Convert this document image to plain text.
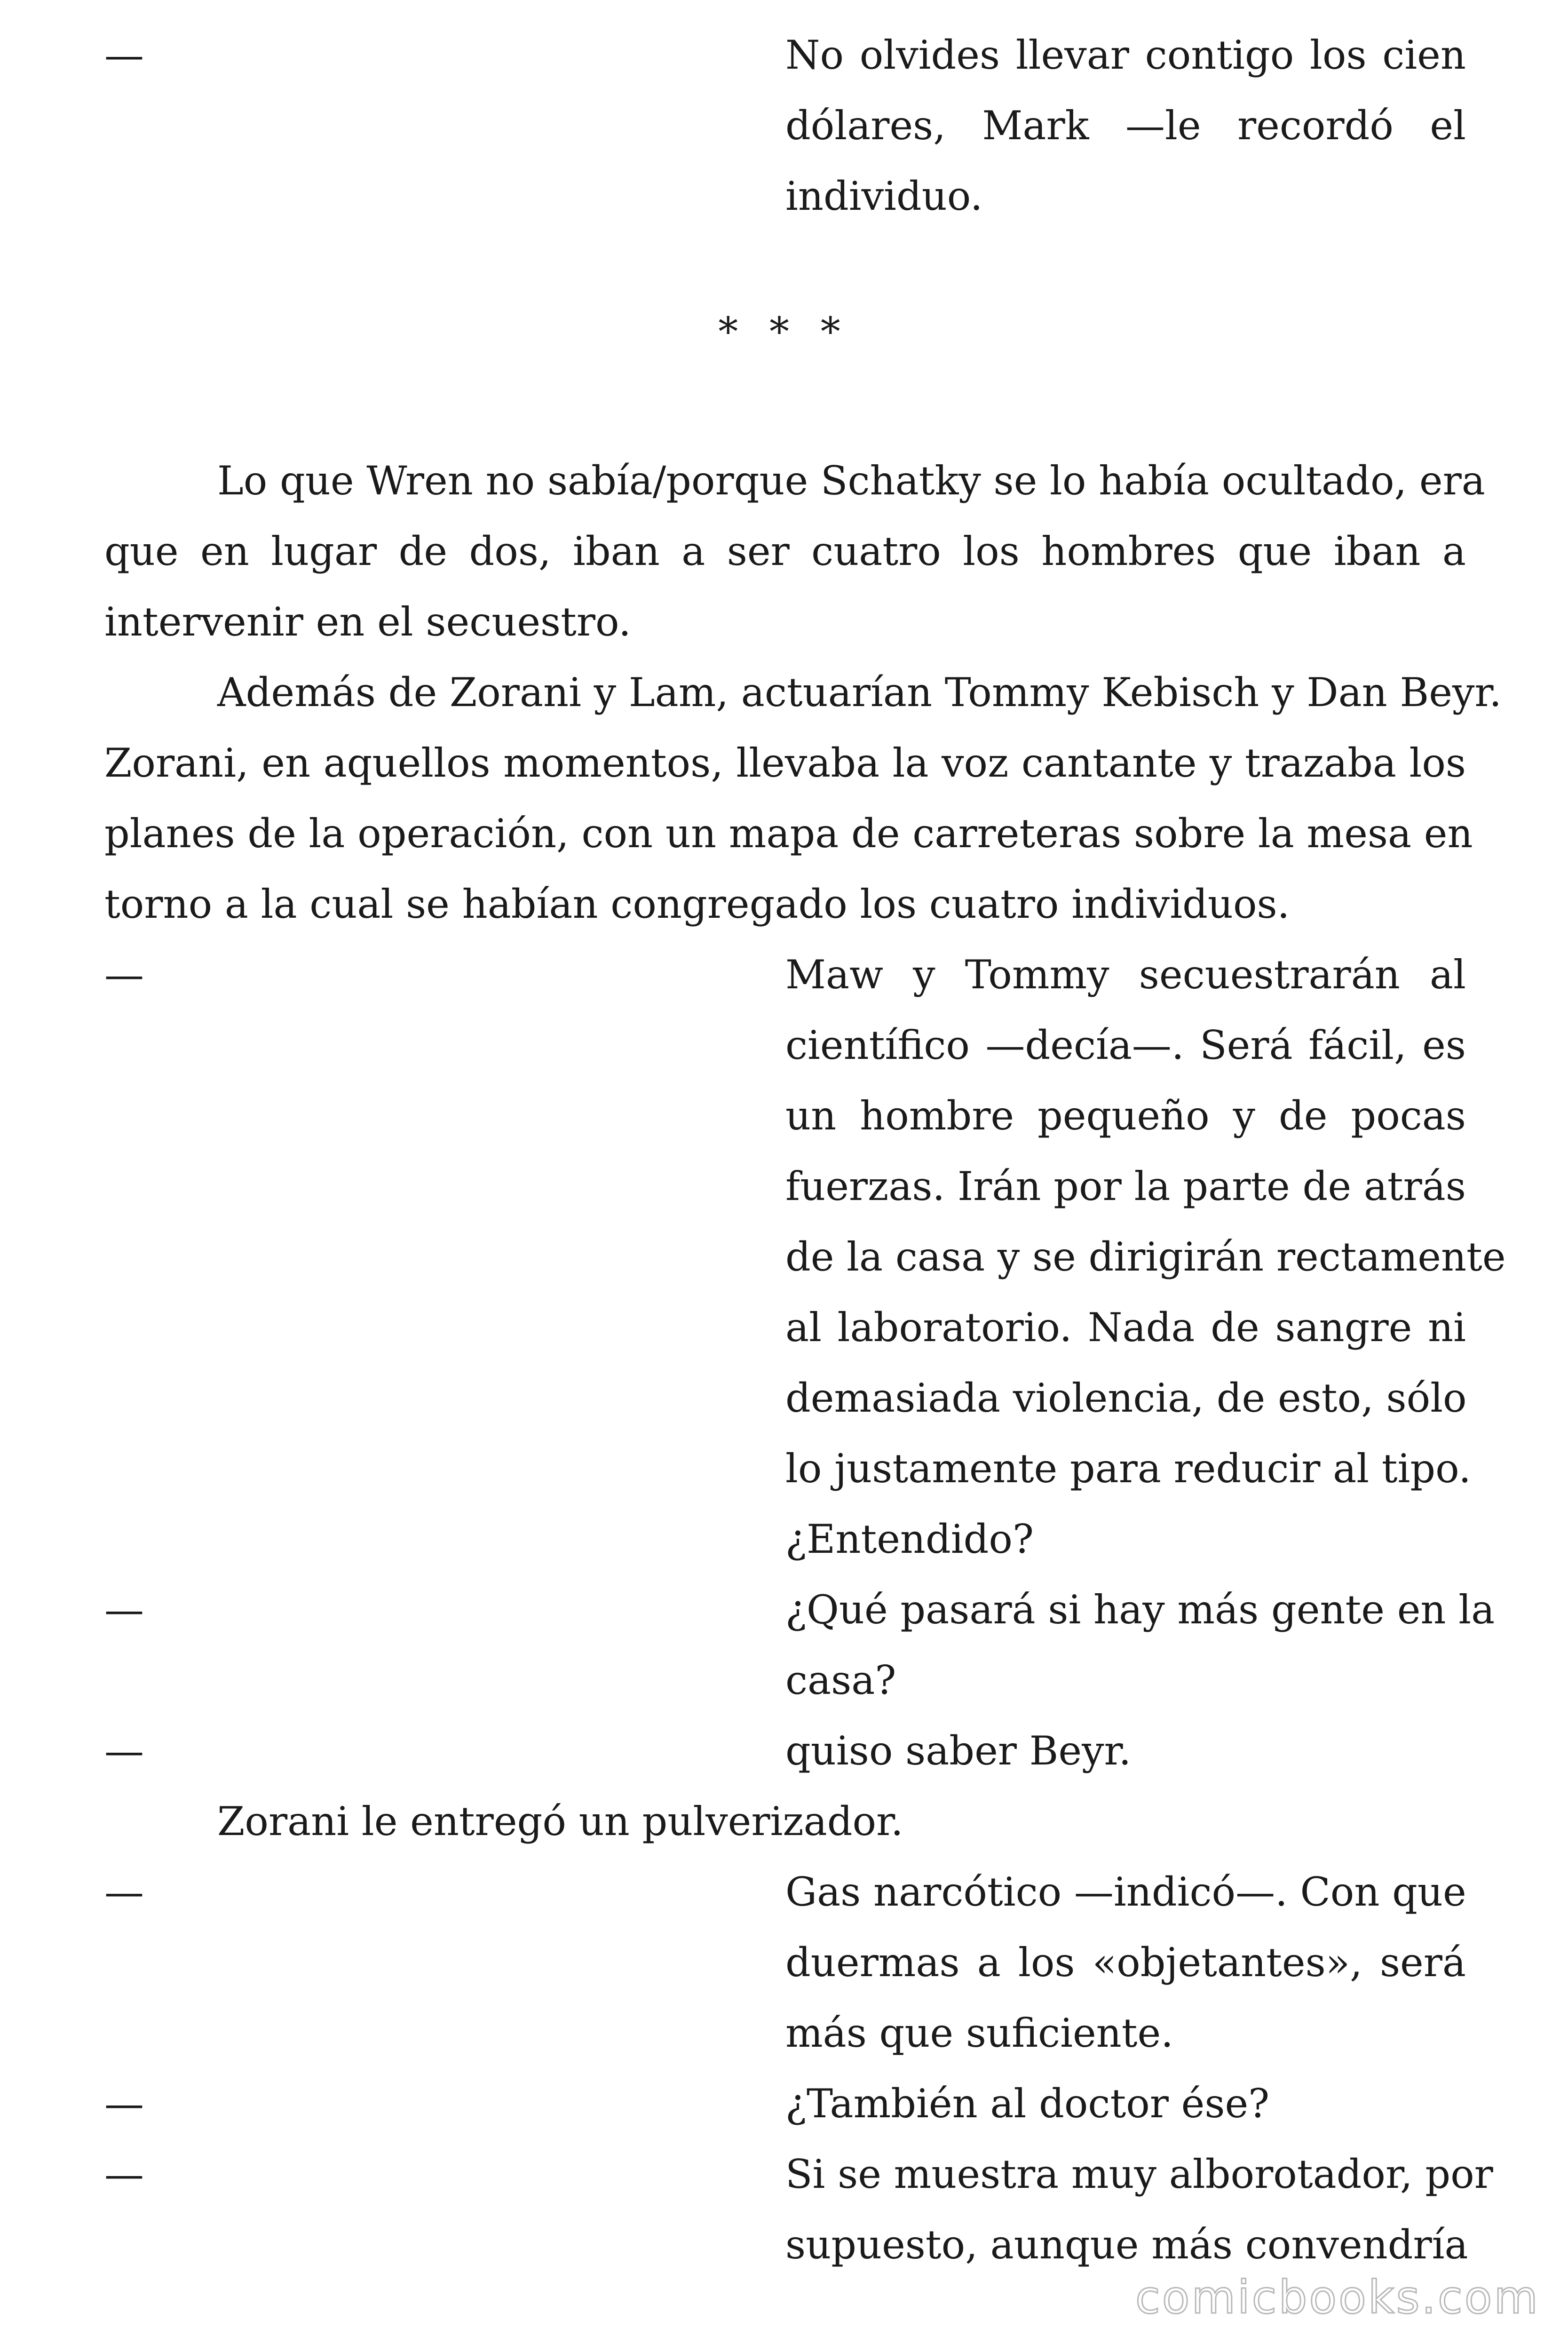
—	No olvides llevar contigo los cien
dólares, Mark —le recordó el
individuo.
* * *
Lo que Wren no sabía/porque Schatky se lo había ocultado, era
que en lugar de dos, iban a ser cuatro los hombres que iban a
intervenir en el secuestro.
Además de Zorani y Lam, actuarían Tommy Kebisch y Dan Beyr.
Zorani, en aquellos momentos, llevaba la voz cantante y trazaba los
planes de la operación, con un mapa de carreteras sobre la mesa en
torno a la cual se habían congregado los cuatro individuos.
—	Maw y Tommy secuestrarán al
científico —decía—. Será fácil, es
un hombre pequeño y de pocas
fuerzas. Irán por la parte de atrás
de la casa y se dirigirán rectamente
al laboratorio. Nada de sangre ni
demasiada violencia, de esto, sólo
lo justamente para reducir al tipo.
¿Entendido?
—	¿Qué pasará si hay más gente en la
casa?
—	quiso saber Beyr.
Zorani le entregó un pulverizador.
—	Gas narcótico —indicó—. Con que
duermas a los «objetantes», será
más que suficiente.
—	¿También al doctor ése?
—	Si se muestra muy alborotador, por
supuesto, aunque más convendría
comicbooks.com
